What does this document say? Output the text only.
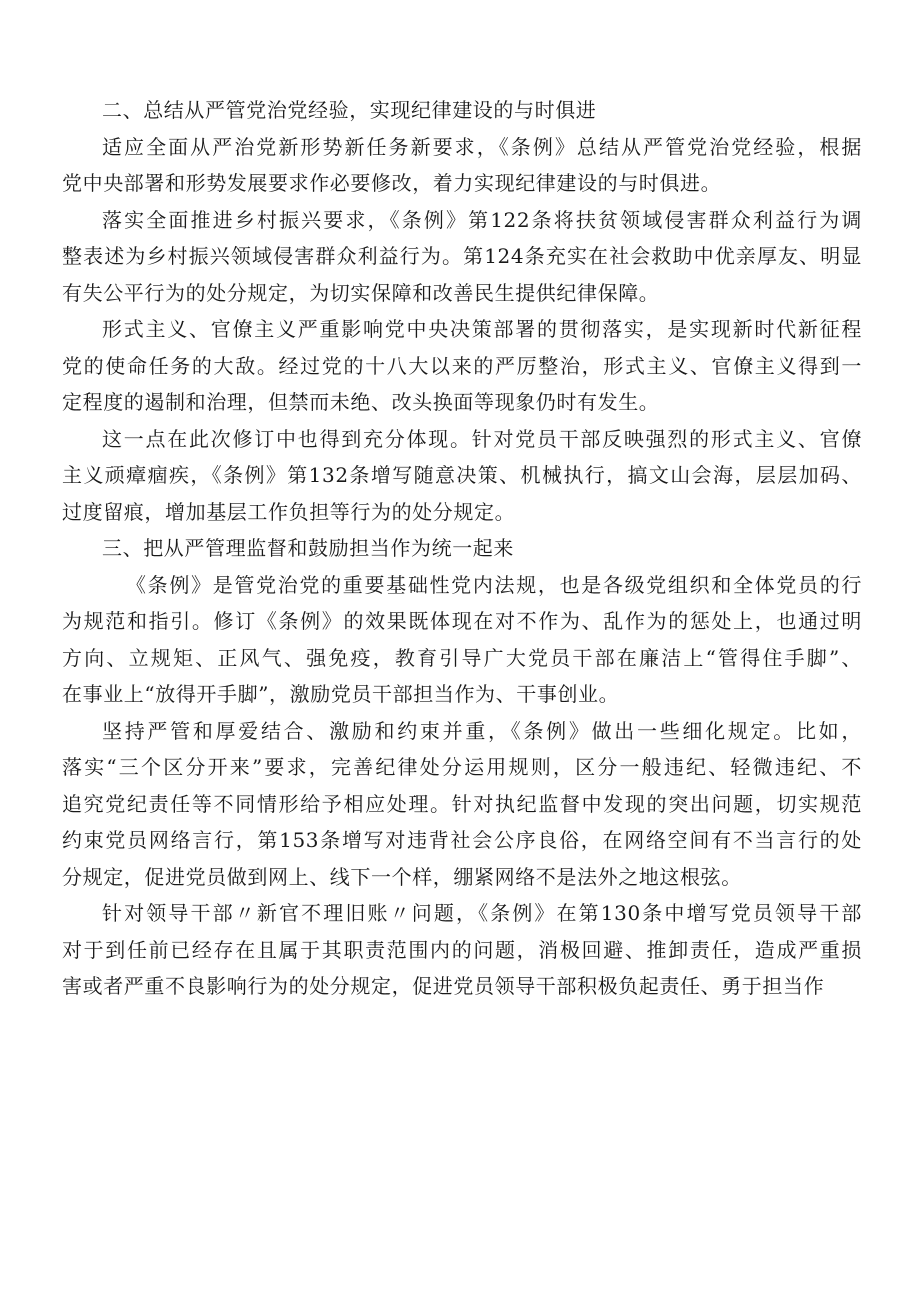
二、总结从严管党治党经验，实现纪律建设的与时俱进
适应全面从严治党新形势新任务新要求，《条例》总结从严管党治党经验，根据
党中央部署和形势发展要求作必要修改，着力实现纪律建设的与时俱进。
落实全面推进乡村振兴要求，《条例》第122条将扶贫领域侵害群众利益行为调
整表述为乡村振兴领域侵害群众利益行为。第124条充实在社会救助中优亲厚友、明显
有失公平行为的处分规定，为切实保障和改善民生提供纪律保障。
形式主义、官僚主义严重影响党中央决策部署的贯彻落实，是实现新时代新征程
党的使命任务的大敌。经过党的十八大以来的严厉整治，形式主义、官僚主义得到一
定程度的遏制和治理，但禁而未绝、改头换面等现象仍时有发生。
这一点在此次修订中也得到充分体现。针对党员干部反映强烈的形式主义、官僚
主义顽瘴痼疾，《条例》第132条增写随意决策、机械执行，搞文山会海，层层加码、
过度留痕，增加基层工作负担等行为的处分规定。
三、把从严管理监督和鼓励担当作为统一起来
《条例》是管党治党的重要基础性党内法规，也是各级党组织和全体党员的行
为规范和指引。修订《条例》的效果既体现在对不作为、乱作为的惩处上，也通过明
方向、立规矩、正风气、强免疫，教育引导广大党员干部在廉洁上“管得住手脚”、
在事业上“放得开手脚”，激励党员干部担当作为、干事创业。
坚持严管和厚爱结合、激励和约束并重，《条例》做出一些细化规定。比如，
落实“三个区分开来”要求，完善纪律处分运用规则，区分一般违纪、轻微违纪、不
追究党纪责任等不同情形给予相应处理。针对执纪监督中发现的突出问题，切实规范
约束党员网络言行，第153条增写对违背社会公序良俗，在网络空间有不当言行的处
分规定，促进党员做到网上、线下一个样，绷紧网络不是法外之地这根弦。
针对领导干部〃新官不理旧账〃问题，《条例》在第130条中增写党员领导干部
对于到任前已经存在且属于其职责范围内的问题，消极回避、推卸责任，造成严重损
害或者严重不良影响行为的处分规定，促进党员领导干部积极负起责任、勇于担当作
